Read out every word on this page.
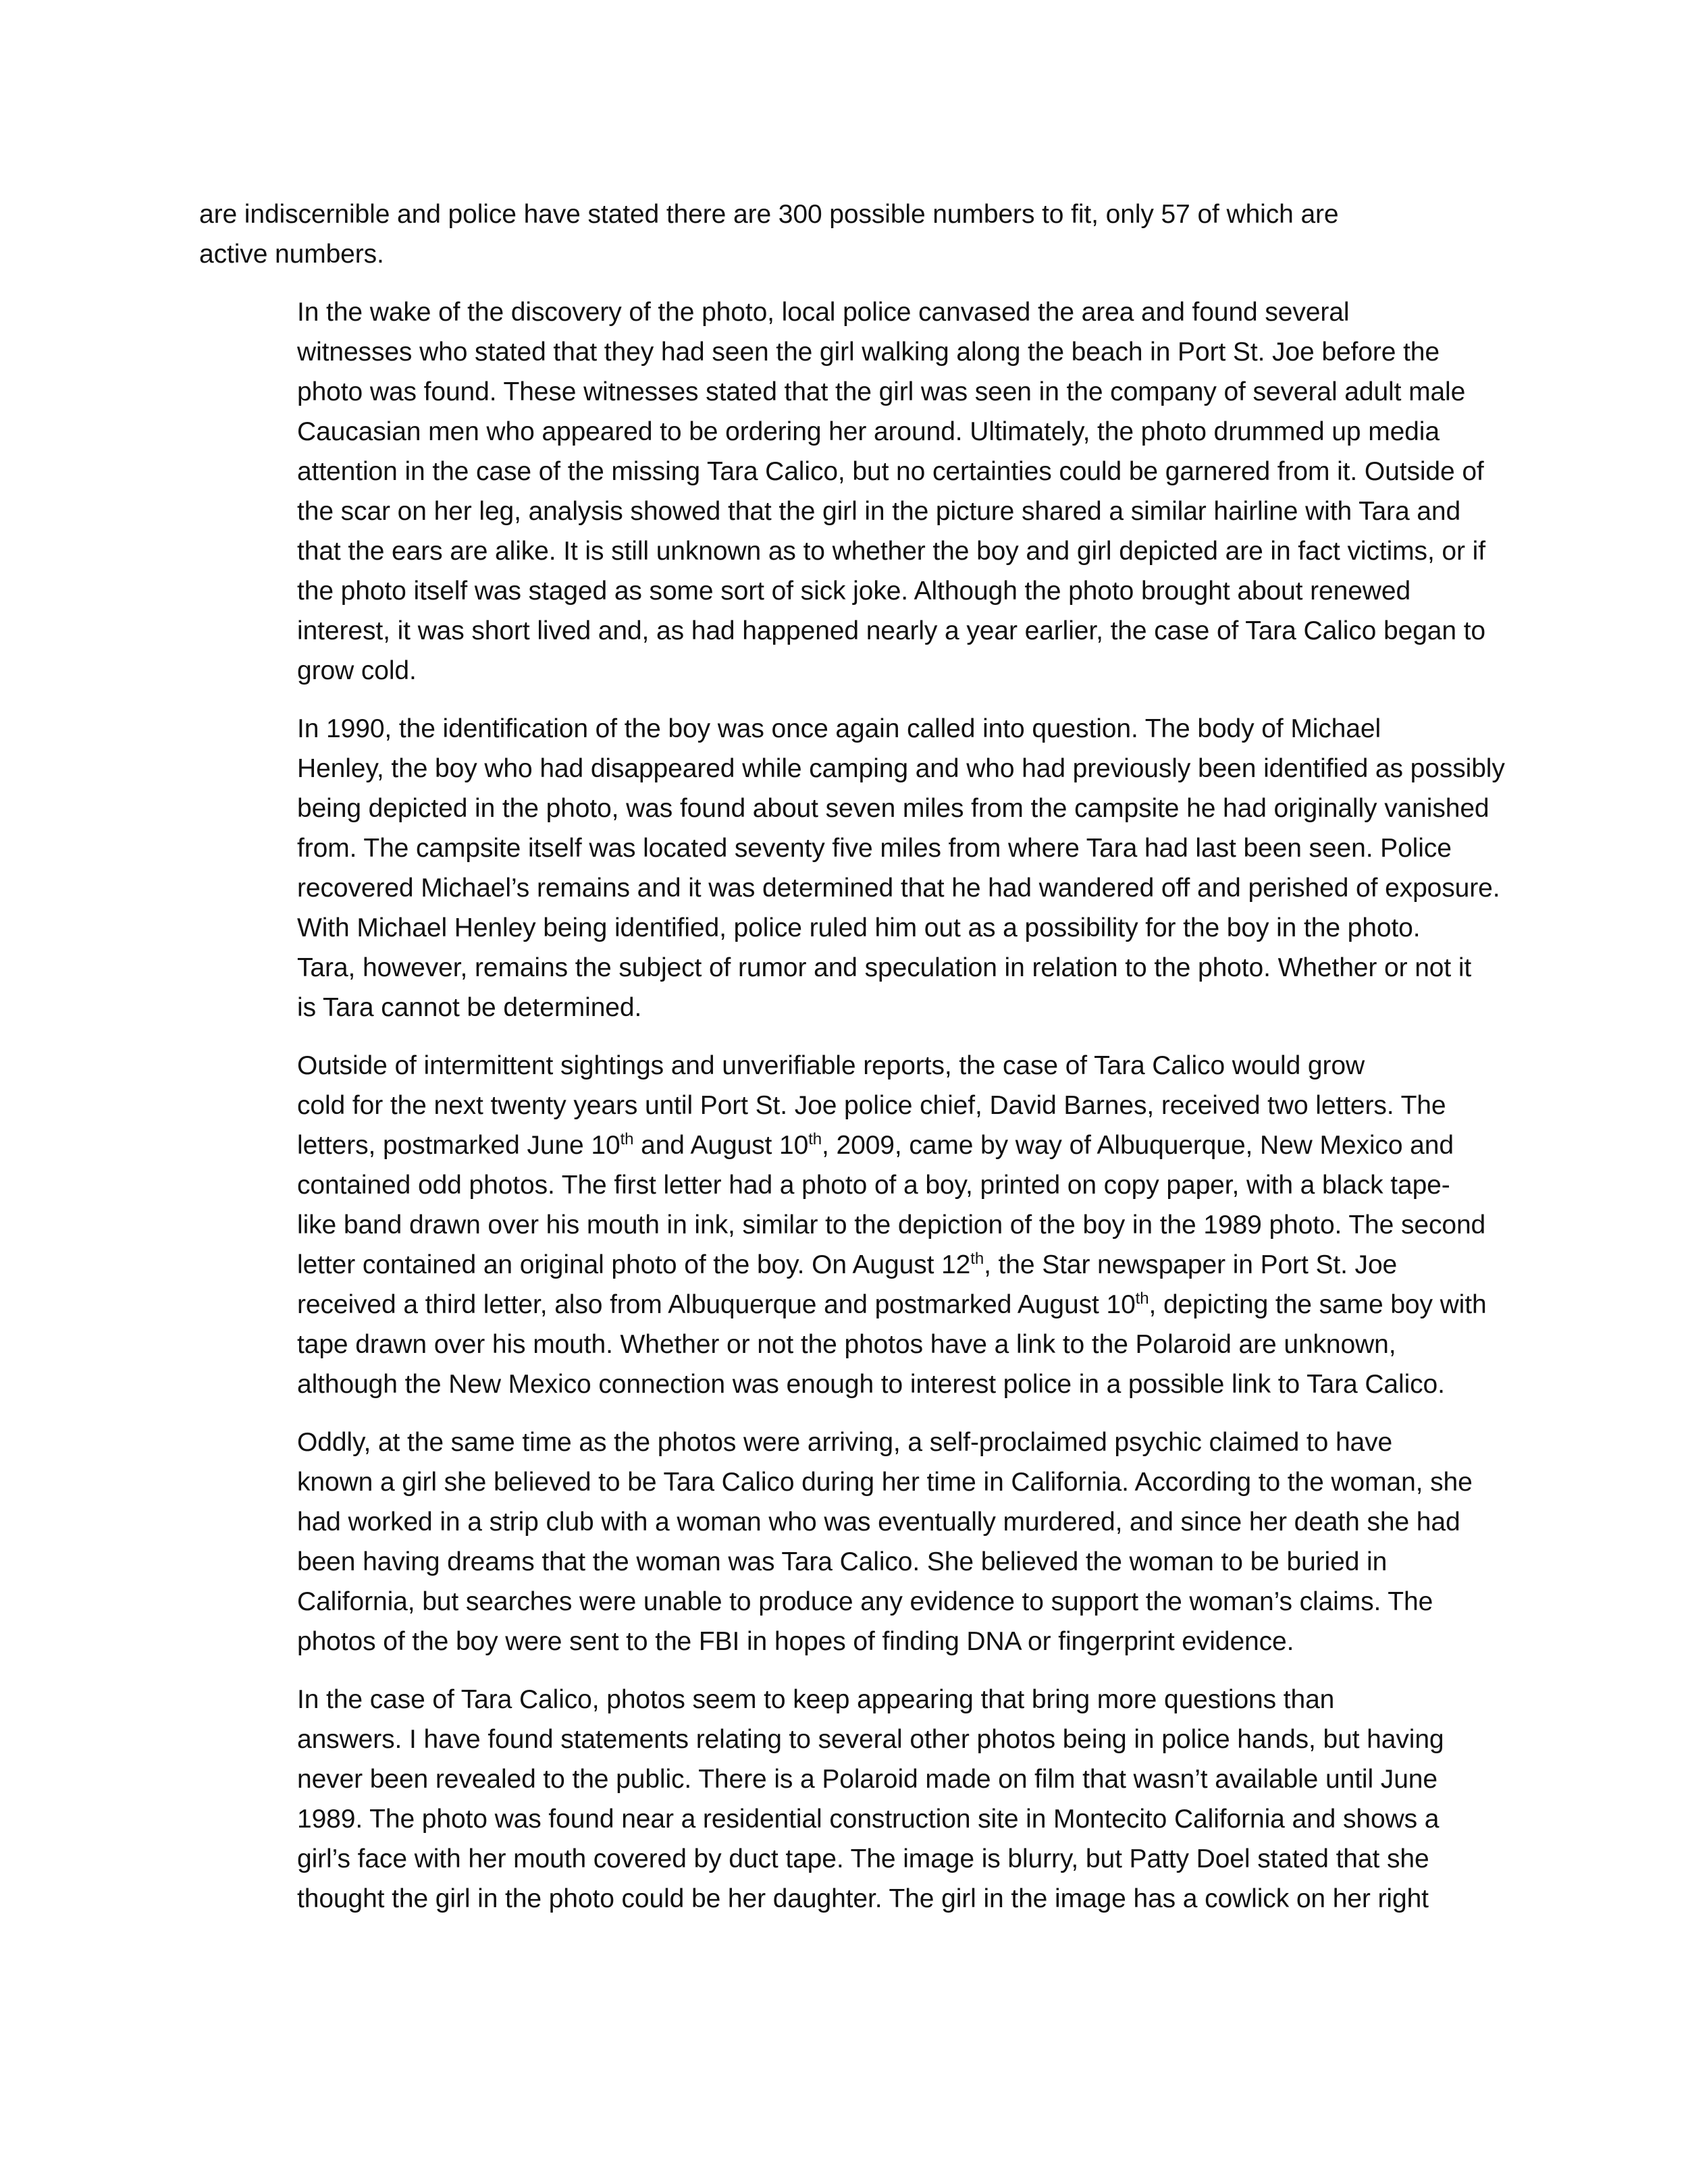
are indiscernible and police have stated there are 300 possible numbers to fit, only 57 of which are
active numbers.

In the wake of the discovery of the photo, local police canvased the area and found several
witnesses who stated that they had seen the girl walking along the beach in Port St. Joe before the
photo was found. These witnesses stated that the girl was seen in the company of several adult male
Caucasian men who appeared to be ordering her around. Ultimately, the photo drummed up media
attention in the case of the missing Tara Calico, but no certainties could be garnered from it. Outside of
the scar on her leg, analysis showed that the girl in the picture shared a similar hairline with Tara and
that the ears are alike. It is still unknown as to whether the boy and girl depicted are in fact victims, or if
the photo itself was staged as some sort of sick joke. Although the photo brought about renewed
interest, it was short lived and, as had happened nearly a year earlier, the case of Tara Calico began to
grow cold.

In 1990, the identification of the boy was once again called into question. The body of Michael
Henley, the boy who had disappeared while camping and who had previously been identified as possibly
being depicted in the photo, was found about seven miles from the campsite he had originally vanished
from. The campsite itself was located seventy five miles from where Tara had last been seen. Police
recovered Michael’s remains and it was determined that he had wandered off and perished of exposure.
With Michael Henley being identified, police ruled him out as a possibility for the boy in the photo.
Tara, however, remains the subject of rumor and speculation in relation to the photo. Whether or not it
is Tara cannot be determined.

Outside of intermittent sightings and unverifiable reports, the case of Tara Calico would grow
cold for the next twenty years until Port St. Joe police chief, David Barnes, received two letters. The
letters, postmarked June 10th and August 10th, 2009, came by way of Albuquerque, New Mexico and
contained odd photos. The first letter had a photo of a boy, printed on copy paper, with a black tape-
like band drawn over his mouth in ink, similar to the depiction of the boy in the 1989 photo. The second
letter contained an original photo of the boy. On August 12th, the Star newspaper in Port St. Joe
received a third letter, also from Albuquerque and postmarked August 10th, depicting the same boy with
tape drawn over his mouth. Whether or not the photos have a link to the Polaroid are unknown,
although the New Mexico connection was enough to interest police in a possible link to Tara Calico.

Oddly, at the same time as the photos were arriving, a self-proclaimed psychic claimed to have
known a girl she believed to be Tara Calico during her time in California. According to the woman, she
had worked in a strip club with a woman who was eventually murdered, and since her death she had
been having dreams that the woman was Tara Calico. She believed the woman to be buried in
California, but searches were unable to produce any evidence to support the woman’s claims. The
photos of the boy were sent to the FBI in hopes of finding DNA or fingerprint evidence.

In the case of Tara Calico, photos seem to keep appearing that bring more questions than
answers. I have found statements relating to several other photos being in police hands, but having
never been revealed to the public. There is a Polaroid made on film that wasn’t available until June
1989. The photo was found near a residential construction site in Montecito California and shows a
girl’s face with her mouth covered by duct tape. The image is blurry, but Patty Doel stated that she
thought the girl in the photo could be her daughter. The girl in the image has a cowlick on her right
